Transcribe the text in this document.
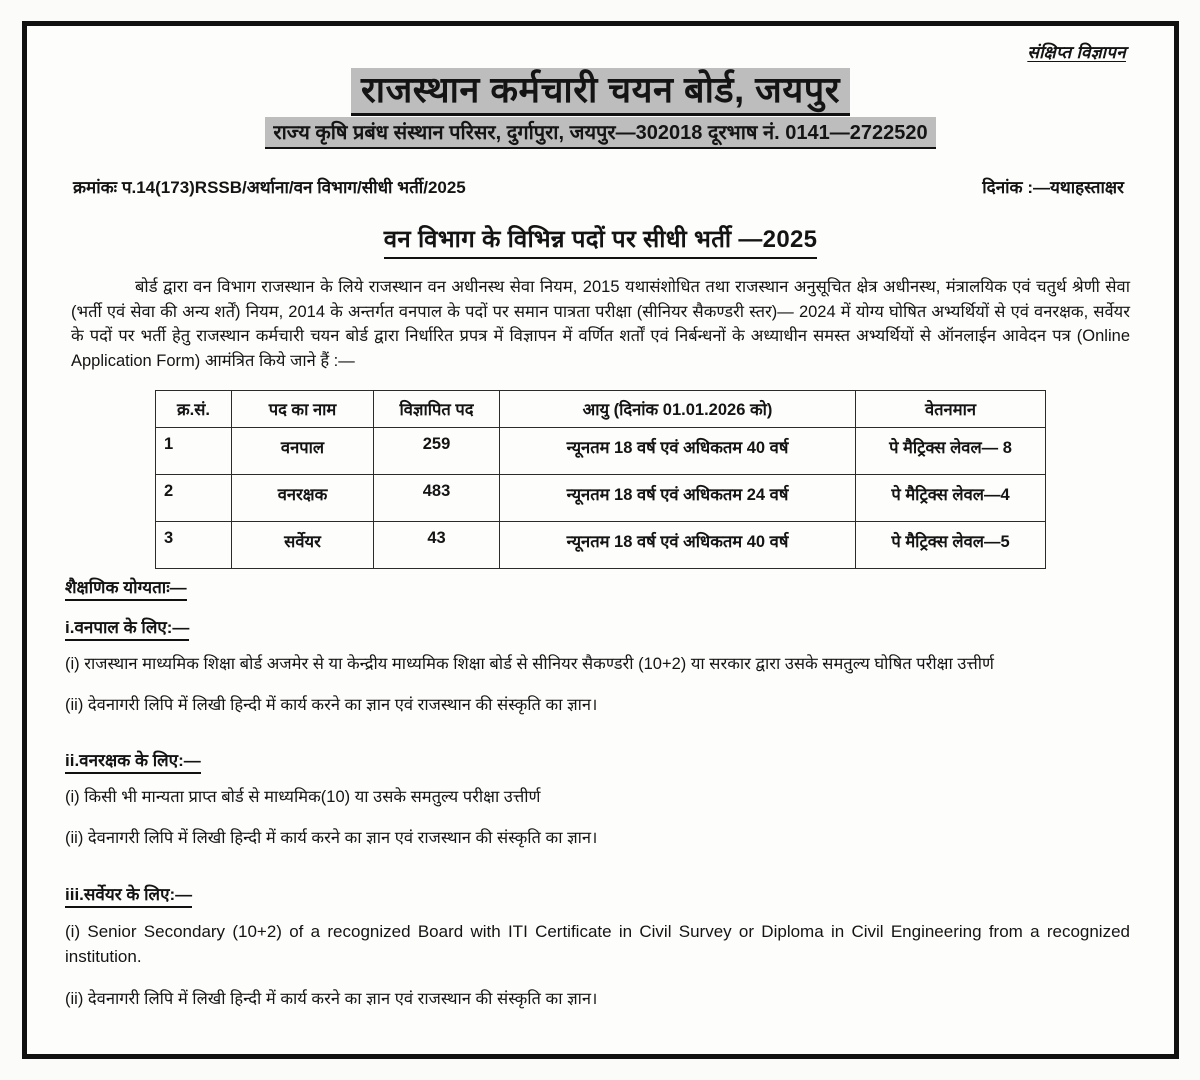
संक्षिप्त विज्ञापन
राजस्थान कर्मचारी चयन बोर्ड, जयपुर
राज्य कृषि प्रबंध संस्थान परिसर, दुर्गापुरा, जयपुर—302018 दूरभाष नं. 0141—2722520
क्रमांकः प.14(173)RSSB/अर्थाना/वन विभाग/सीधी भर्ती/2025	दिनांक :—यथाहस्ताक्षर
वन विभाग के विभिन्न पदों पर सीधी भर्ती —2025

बोर्ड द्वारा वन विभाग राजस्थान के लिये राजस्थान वन अधीनस्थ सेवा नियम, 2015 यथासंशोधित तथा राजस्थान अनुसूचित क्षेत्र अधीनस्थ, मंत्रालयिक एवं चतुर्थ श्रेणी सेवा (भर्ती एवं सेवा की अन्य शर्तें) नियम, 2014 के अन्तर्गत वनपाल के पदों पर समान पात्रता परीक्षा (सीनियर सैकण्डरी स्तर)— 2024 में योग्य घोषित अभ्यर्थियों से एवं वनरक्षक, सर्वेयर के पदों पर भर्ती हेतु राजस्थान कर्मचारी चयन बोर्ड द्वारा निर्धारित प्रपत्र में विज्ञापन में वर्णित शर्तों एवं निर्बन्धनों के अध्याधीन समस्त अभ्यर्थियों से ऑनलाईन आवेदन पत्र (Online Application Form) आमंत्रित किये जाने हैं :—

क्र.सं.	पद का नाम	विज्ञापित पद	आयु (दिनांक 01.01.2026 को)	वेतनमान
1	वनपाल	259	न्यूनतम 18 वर्ष एवं अधिकतम 40 वर्ष	पे मैट्रिक्स लेवल— 8
2	वनरक्षक	483	न्यूनतम 18 वर्ष एवं अधिकतम 24 वर्ष	पे मैट्रिक्स लेवल—4
3	सर्वेयर	43	न्यूनतम 18 वर्ष एवं अधिकतम 40 वर्ष	पे मैट्रिक्स लेवल—5
शैक्षणिक योग्यताः—
i.वनपाल के लिए:—

(i) राजस्थान माध्यमिक शिक्षा बोर्ड अजमेर से या केन्द्रीय माध्यमिक शिक्षा बोर्ड से सीनियर सैकण्डरी (10+2) या सरकार द्वारा उसके समतुल्य घोषित परीक्षा उत्तीर्ण

(ii) देवनागरी लिपि में लिखी हिन्दी में कार्य करने का ज्ञान एवं राजस्थान की संस्कृति का ज्ञान।

ii.वनरक्षक के लिए:—

(i) किसी भी मान्यता प्राप्त बोर्ड से माध्यमिक(10) या उसके समतुल्य परीक्षा उत्तीर्ण

(ii) देवनागरी लिपि में लिखी हिन्दी में कार्य करने का ज्ञान एवं राजस्थान की संस्कृति का ज्ञान।

iii.सर्वेयर के लिए:—

(i) Senior Secondary (10+2) of a recognized Board with ITI Certificate in Civil Survey or Diploma in Civil Engineering from a recognized institution.

(ii) देवनागरी लिपि में लिखी हिन्दी में कार्य करने का ज्ञान एवं राजस्थान की संस्कृति का ज्ञान।
